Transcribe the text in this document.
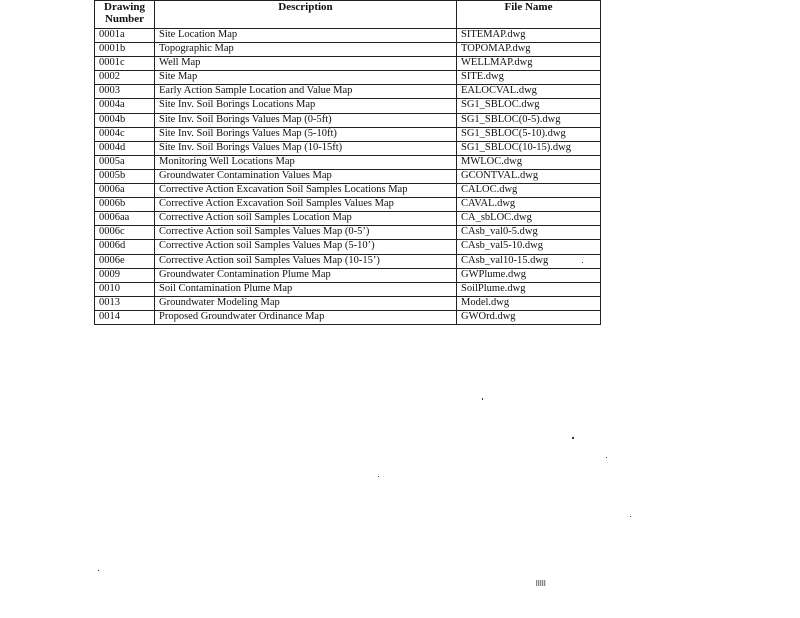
Drawing
Number	Description	File Name
0001a	Site Location Map	SITEMAP.dwg
0001b	Topographic Map	TOPOMAP.dwg
0001c	Well Map	WELLMAP.dwg
0002	Site Map	SITE.dwg
0003	Early Action Sample Location and Value Map	EALOCVAL.dwg
0004a	Site Inv. Soil Borings Locations Map	SG1_SBLOC.dwg
0004b	Site Inv. Soil Borings Values Map (0-5ft)	SG1_SBLOC(0-5).dwg
0004c	Site Inv. Soil Borings Values Map (5-10ft)	SG1_SBLOC(5-10).dwg
0004d	Site Inv. Soil Borings Values Map (10-15ft)	SG1_SBLOC(10-15).dwg
0005a	Monitoring Well Locations Map	MWLOC.dwg
0005b	Groundwater Contamination Values Map	GCONTVAL.dwg
0006a	Corrective Action Excavation Soil Samples Locations Map	CALOC.dwg
0006b	Corrective Action Excavation Soil Samples Values Map	CAVAL.dwg
0006aa	Corrective Action soil Samples Location Map	CA_sbLOC.dwg
0006c	Corrective Action soil Samples Values Map (0-5’)	CAsb_val0-5.dwg
0006d	Corrective Action soil Samples Values Map (5-10’)	CAsb_val5-10.dwg
0006e	Corrective Action soil Samples Values Map (10-15’)	CAsb_val10-15.dwg
0009	Groundwater Contamination Plume Map	GWPlume.dwg
0010	Soil Contamination Plume Map	SoilPlume.dwg
0013	Groundwater Modeling Map	Model.dwg
0014	Proposed Groundwater Ordinance Map	GWOrd.dwg
